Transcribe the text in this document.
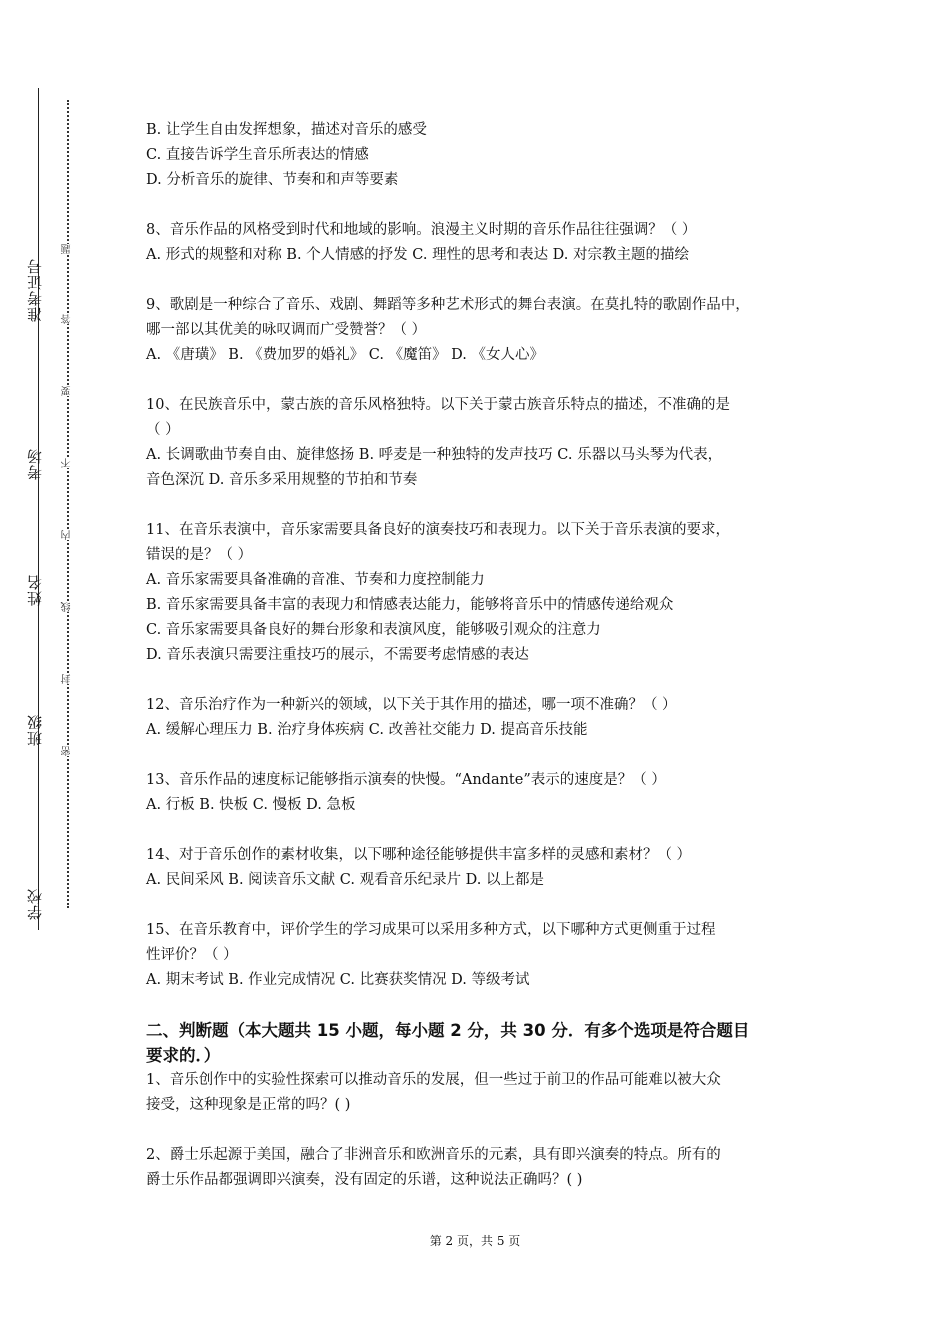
准考证号
考场
姓名
班级
学校
题
答
要
不
内
线
封
密
B. 让学生自由发挥想象，描述对音乐的感受
C. 直接告诉学生音乐所表达的情感
D. 分析音乐的旋律、节奏和和声等要素
8、音乐作品的风格受到时代和地域的影响。浪漫主义时期的音乐作品往往强调？（ ）
A. 形式的规整和对称 B. 个人情感的抒发 C. 理性的思考和表达 D. 对宗教主题的描绘
9、歌剧是一种综合了音乐、戏剧、舞蹈等多种艺术形式的舞台表演。在莫扎特的歌剧作品中，
哪一部以其优美的咏叹调而广受赞誉？（ ）
A. 《唐璜》 B. 《费加罗的婚礼》 C. 《魔笛》 D. 《女人心》
10、在民族音乐中，蒙古族的音乐风格独特。以下关于蒙古族音乐特点的描述，不准确的是
（ ）
A. 长调歌曲节奏自由、旋律悠扬 B. 呼麦是一种独特的发声技巧 C. 乐器以马头琴为代表，
音色深沉 D. 音乐多采用规整的节拍和节奏
11、在音乐表演中，音乐家需要具备良好的演奏技巧和表现力。以下关于音乐表演的要求，
错误的是？（ ）
A. 音乐家需要具备准确的音准、节奏和力度控制能力
B. 音乐家需要具备丰富的表现力和情感表达能力，能够将音乐中的情感传递给观众
C. 音乐家需要具备良好的舞台形象和表演风度，能够吸引观众的注意力
D. 音乐表演只需要注重技巧的展示，不需要考虑情感的表达
12、音乐治疗作为一种新兴的领域，以下关于其作用的描述，哪一项不准确？（ ）
A. 缓解心理压力 B. 治疗身体疾病 C. 改善社交能力 D. 提高音乐技能
13、音乐作品的速度标记能够指示演奏的快慢。“Andante”表示的速度是？（ ）
A. 行板 B. 快板 C. 慢板 D. 急板
14、对于音乐创作的素材收集，以下哪种途径能够提供丰富多样的灵感和素材？（ ）
A. 民间采风 B. 阅读音乐文献 C. 观看音乐纪录片 D. 以上都是
15、在音乐教育中，评价学生的学习成果可以采用多种方式，以下哪种方式更侧重于过程
性评价？（ ）
A. 期末考试 B. 作业完成情况 C. 比赛获奖情况 D. 等级考试
二、判断题（本大题共 15 小题，每小题 2 分，共 30 分．有多个选项是符合题目
要求的．）
1、音乐创作中的实验性探索可以推动音乐的发展，但一些过于前卫的作品可能难以被大众
接受，这种现象是正常的吗？( )
2、爵士乐起源于美国，融合了非洲音乐和欧洲音乐的元素，具有即兴演奏的特点。所有的
爵士乐作品都强调即兴演奏，没有固定的乐谱，这种说法正确吗？( )
第 2 页，共 5 页
